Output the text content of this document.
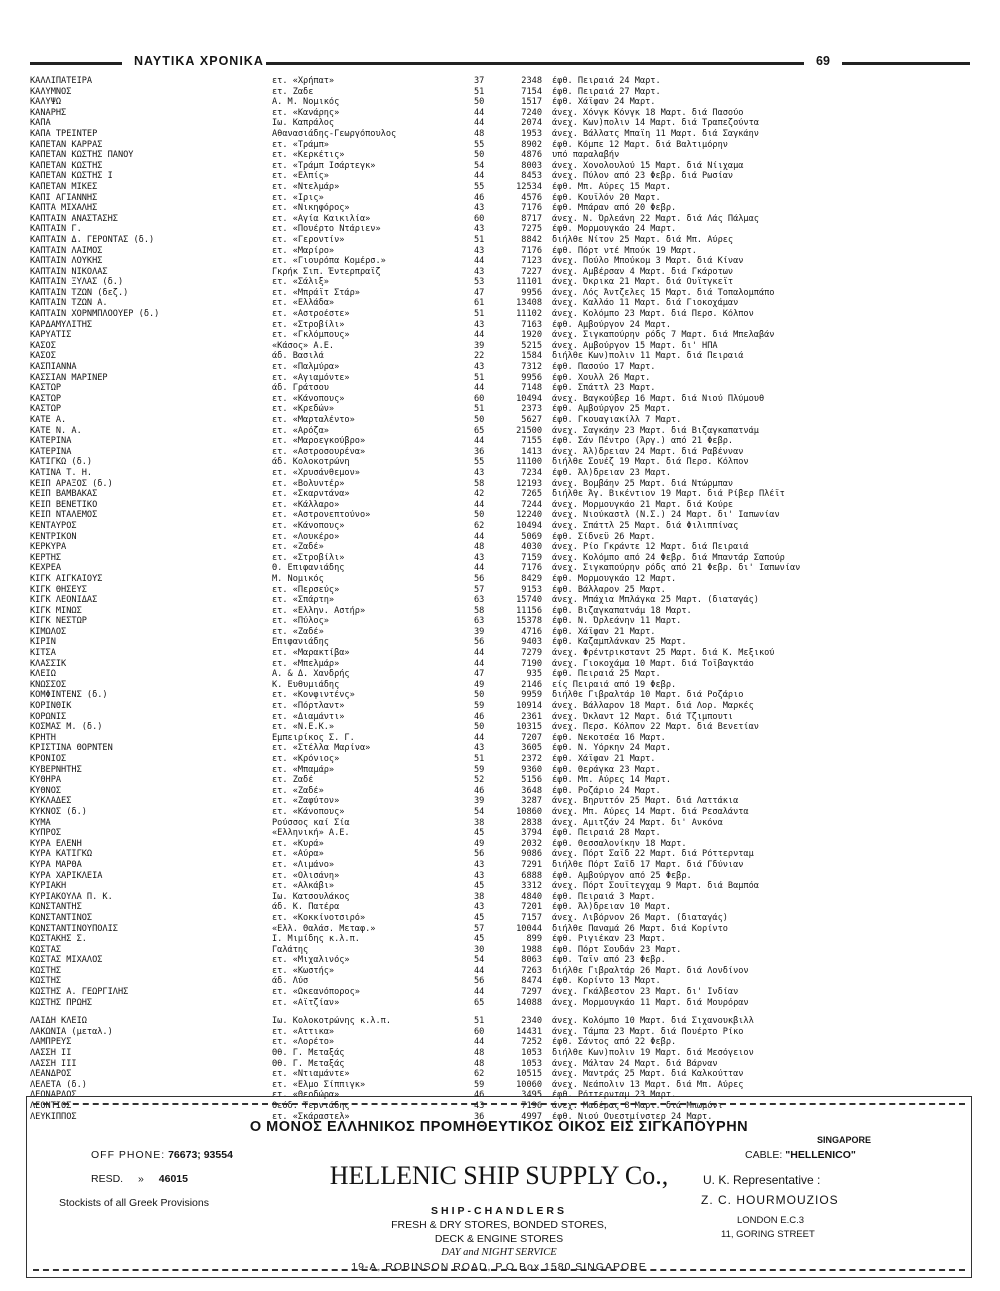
ΝΑΥΤΙΚΑ ΧΡΟΝΙΚΑ	69
ΚΑΛΛΙΠΑΤΕΙΡΑ	ετ. «Χρήπατ»	37	2348 έφθ. Πειραιά 24 Μαρτ.
ΚΑΛΥΜΝΟΣ	ετ. Ζαδε	51	7154 έφθ. Πειραιά 27 Μαρτ.
ΚΑΛΥΨΩ	Α. Μ. Νομικός	50	1517 έφθ. Χάϊφαν 24 Μαρτ.
ΚΑΝΑΡΗΣ	ετ. «Κανάρης»	44	7240 άνεχ. Χόνγκ Κόνγκ 18 Μαρτ. διά Πασούο
ΚΑΠΑ	Ιω. Καπράλος	44	2074 άνεχ. Κων)πολιν 14 Μαρτ. διά Τραπεζούντα
ΚΑΠΑ ΤΡΕΪΝΤΕΡ	Αθανασιάδης-Γεωργόπουλος	48	1953 άνεχ. Βάλλατς Μπαϊη 11 Μαρτ. διά Σαγκάην
ΚΑΠΕΤΑΝ ΚΑΡΡΑΣ	ετ. «Τράμπ»	55	8902 έφθ. Κόμπε 12 Μαρτ. διά Βαλτιμόρην
ΚΑΠΕΤΑΝ ΚΩΣΤΗΣ ΠΑΝΟΥ	ετ. «Κερκέτις»	50	4876 υπό παραλαβήν
ΚΑΠΕΤΑΝ ΚΩΣΤΗΣ	ετ. «Τράμπ Ισάρτεγκ»	54	8003 άνεχ. Χονολουλού 15 Μαρτ. διά Νίιχαμα
ΚΑΠΕΤΑΝ ΚΩΣΤΗΣ Ι	ετ. «Ελπίς»	44	8453 άνεχ. Πύλον από 23 Φεβρ. διά Ρωσίαν
ΚΑΠΕΤΑΝ ΜΙΚΕΣ	ετ. «Ντελμάρ»	55	12534 έφθ. Μπ. Αύρες 15 Μαρτ.
ΚΑΠΙ ΑΓΙΑΝΝΗΣ	ετ. «Ιρις»	46	4576 έφθ. Κουϊλόν 20 Μαρτ.
ΚΑΠΤΑ ΜΙΧΑΛΗΣ	ετ. «Νικηφόρος»	43	7176 έφθ. Μπάραν από 20 Φεβρ.
ΚΑΠΤΑΙΝ ΑΝΑΣΤΑΣΗΣ	ετ. «Αγία Καικιλία»	60	8717 άνεχ. Ν. Όρλεάνη 22 Μαρτ. διά Λάς Πάλμας
ΚΑΠΤΑΙΝ Γ.	ετ. «Πουέρτο Ντάριεν»	43	7275 έφθ. Μορμουγκάο 24 Μαρτ.
ΚΑΠΤΑΙΝ Δ. ΓΕΡΟΝΤΑΣ (δ.)	ετ. «Γεροντίν»	51	8842 διήλθε Νίτον 25 Μαρτ. διά Μπ. Αύρες
ΚΑΠΤΑΙΝ ΛΑΙΜΟΣ	ετ. «Μαρίρο»	43	7176 έφθ. Πόρτ ντέ Μπούκ 19 Μαρτ.
ΚΑΠΤΑΙΝ ΛΟΥΚΗΣ	ετ. «Γιουρόπα Κομέρσ.»	44	7123 άνεχ. Πούλο Μπούκομ 3 Μαρτ. διά Κίναν
ΚΑΠΤΑΙΝ ΝΙΚΟΛΑΣ	Γκρήκ Σιπ. Έντερπραϊζ	43	7227 άνεχ. Αμβέρσαν 4 Μαρτ. διά Γκάροτων
ΚΑΠΤΑΙΝ ΞΥΛΑΣ (δ.)	ετ. «Σάλιξ»	53	11101 άνεχ. Όκρικα 21 Μαρτ. διά Ουϊτγκεϊτ
ΚΑΠΤΑΙΝ ΤΖΩΝ (δεζ.)	ετ. «Μπράϊτ Στάρ»	47	9956 άνεχ. Λός Άντζελες 15 Μαρτ. διά Τοπαλομπάπο
ΚΑΠΤΑΙΝ ΤΖΩΝ Α.	ετ. «Ελλάδα»	61	13408 άνεχ. Καλλάο 11 Μαρτ. διά Γιοκοχάμαν
ΚΑΠΤΑΙΝ ΧΟΡΝΜΠΛΟΟΥΕΡ (δ.)	ετ. «Αστροέστε»	51	11102 άνεχ. Κολόμπο 23 Μαρτ. διά Περσ. Κόλπον
ΚΑΡΔΑΜΥΛΙΤΗΣ	ετ. «Στροβίλι»	43	7163 έφθ. Αμβούργον 24 Μαρτ.
ΚΑΡΥΑΤΙΣ	ετ. «Γκλόμπους»	44	1920 άνεχ. Σιγκαπούρην ρόδς 7 Μαρτ. διά Μπελαβάν
ΚΑΣΟΣ	«Κάσος» Α.Ε.	39	5215 άνεχ. Αμβούργον 15 Μαρτ. δι' ΗΠΑ
ΚΑΣΟΣ	άδ. Βασιλά	22	1584 διήλθε Κων)πολιν 11 Μαρτ. διά Πειραιά
ΚΑΣΠΙΑΝΝΑ	ετ. «Παλμύρα»	43	7312 έφθ. Πασούο 17 Μαρτ.
ΚΑΣΣΙΑΝ ΜΑΡΙΝΕΡ	ετ. «Αγιαμόντε»	51	9956 έφθ. Χουλλ 26 Μαρτ.
ΚΑΣΤΩΡ	άδ. Γράτσου	44	7148 έφθ. Σπάττλ 23 Μαρτ.
ΚΑΣΤΩΡ	ετ. «Κάνοπους»	60	10494 άνεχ. Βαγκούβερ 16 Μαρτ. διά Νιού Πλύμουθ
ΚΑΣΤΩΡ	ετ. «Κρεδών»	51	2373 έφθ. Αμβούργον 25 Μαρτ.
ΚΑΤΕ Α.	ετ. «Μαρταλέντο»	50	5627 έφθ. Γκουαγιακίλλ 7 Μαρτ.
ΚΑΤΕ Ν. Α.	ετ. «Αρόζα»	65	21500 άνεχ. Σαγκάην 23 Μαρτ. διά Βιζαγκαπατνάμ
ΚΑΤΕΡΙΝΑ	ετ. «Μαροεγκούβρο»	44	7155 έφθ. Σάν Πέντρο (Άργ.) από 21 Φεβρ.
ΚΑΤΕΡΙΝΑ	ετ. «Αστροσουρένα»	36	1413 άνεχ. Άλ)δρειαν 24 Μαρτ. διά Ραβένναν
ΚΑΤΙΓΚΩ (δ.)	άδ. Κολοκοτρώνη	55	11100 διήλθε Σουέζ 19 Μαρτ. διά Περσ. Κόλπον
ΚΑΤΙΝΑ Τ. Η.	ετ. «Χρυσάνθεμον»	43	7234 έφθ. Άλ)δρειαν 23 Μαρτ.
ΚΕΪΠ ΑΡΑΞΟΣ (δ.)	ετ. «Βολυντέρ»	58	12193 άνεχ. Βομβάην 25 Μαρτ. διά Ντώρμπαν
ΚΕΪΠ ΒΑΜΒΑΚΑΣ	ετ. «Σκαρντάνα»	42	7265 διήλθε Άγ. Βικέντιον 19 Μαρτ. διά Ρίβερ Πλέϊτ
ΚΕΪΠ ΒΕΝΕΤΙΚΟ	ετ. «Κάλλαρο»	44	7244 άνεχ. Μορμουγκάο 21 Μαρτ. διά Κούρε
ΚΕΪΠ ΝΤΑΛΕΜΟΣ	ετ. «Αστρονεπτούνο»	50	12240 άνεχ. Νιούκαστλ (Ν.Σ.) 24 Μαρτ. δι' Ιαπωνίαν
ΚΕΝΤΑΥΡΟΣ	ετ. «Κάνοπους»	62	10494 άνεχ. Σπάττλ 25 Μαρτ. διά Φιλιππίνας
ΚΕΝΤΡΙΚΟΝ	ετ. «Λουκέρο»	44	5069 έφθ. Σίδνεϋ 26 Μαρτ.
ΚΕΡΚΥΡΑ	ετ. «Ζαδέ»	48	4030 άνεχ. Ρίο Γκράντε 12 Μαρτ. διά Πειραιά
ΚΕΡΤΗΣ	ετ. «Στροβίλι»	43	7159 άνεχ. Κολόμπο από 24 Φεβρ. διά Μπαντάρ Σαπούρ
ΚΕΧΡΕΑ	Θ. Επιφανιάδης	44	7176 άνεχ. Σιγκαπούρην ρόδς από 21 Φεβρ. δι' Ιαπωνίαν
ΚΙΓΚ ΑΙΓΚΑΙΟΥΣ	Μ. Νομικός	56	8429 έφθ. Μορμουγκάο 12 Μαρτ.
ΚΙΓΚ ΘΗΣΕΥΣ	ετ. «Περσεύς»	57	9153 έφθ. Βάλλαρον 25 Μαρτ.
ΚΙΓΚ ΛΕΟΝΙΔΑΣ	ετ. «Σπάρτη»	63	15740 άνεχ. Μπάχια Μπλάγκα 25 Μαρτ. (διαταγάς)
ΚΙΓΚ ΜΙΝΩΣ	ετ. «Ελλην. Αστήρ»	58	11156 έφθ. Βιζαγκαπατνάμ 18 Μαρτ.
ΚΙΓΚ ΝΕΣΤΩΡ	ετ. «Πύλος»	63	15378 έφθ. Ν. Όρλεάνην 11 Μαρτ.
ΚΙΜΩΛΟΣ	ετ. «Ζαδέ»	39	4716 έφθ. Χάϊφαν 21 Μαρτ.
ΚΙΡΙΝ	Επιφανιάδης	56	9403 έφθ. Καζαμπλάνκαν 25 Μαρτ.
ΚΙΤΣΑ	ετ. «Μαρακτίβα»	44	7279 άνεχ. Φρέντρικσταντ 25 Μαρτ. διά Κ. Μεξικού
ΚΛΑΣΣΙΚ	ετ. «Μπελμάρ»	44	7190 άνεχ. Γιοκοχάμα 10 Μαρτ. διά Τοϊβαγκτάο
ΚΛΕΙΩ	Α. & Δ. Χανδρής	47	935 έφθ. Πειραιά 25 Μαρτ.
ΚΝΩΣΣΟΣ	Κ. Ευθυμιάδης	49	2146 είς Πειραιά από 19 Φεβρ.
ΚΟΜΦΙΝΤΕΝΣ (δ.)	ετ. «Κονφιντένς»	50	9959 διήλθε Γιβραλτάρ 10 Μαρτ. διά Ροζάριο
ΚΟΡΙΝΘΙΚ	ετ. «Πόρτλαντ»	59	10914 άνεχ. Βάλλαρον 18 Μαρτ. διά Λορ. Μαρκές
ΚΟΡΩΝΙΣ	ετ. «Διαμάντι»	46	2361 άνεχ. Όκλαντ 12 Μαρτ. διά Τζιμπουτι
ΚΟΣΜΑΣ Μ. (δ.)	ετ. «Ν.Ε.Κ.»	50	10315 άνεχ. Περσ. Κόλπον 22 Μαρτ. διά Βενετίαν
ΚΡΗΤΗ	Εμπειρίκος Σ. Γ.	44	7207 έφθ. Νεκοτσέα 16 Μαρτ.
ΚΡΙΣΤΙΝΑ ΘΟΡΝΤΕΝ	ετ. «Στέλλα Μαρίνα»	43	3605 έφθ. Ν. Υόρκην 24 Μαρτ.
ΚΡΟΝΙΟΣ	ετ. «Κρόνιος»	51	2372 έφθ. Χάϊφαν 21 Μαρτ.
ΚΥΒΕΡΝΗΤΗΣ	ετ. «Μπαμάρ»	59	9360 έφθ. Θεράγκα 23 Μαρτ.
ΚΥΘΗΡΑ	ετ. Ζαδέ	52	5156 έφθ. Μπ. Αύρες 14 Μαρτ.
ΚΥΘΝΟΣ	ετ. «Ζαδέ»	46	3648 έφθ. Ροζάριο 24 Μαρτ.
ΚΥΚΛΑΔΕΣ	ετ. «Ζαφύτον»	39	3287 άνεχ. Βηρυττόν 25 Μαρτ. διά Λαττάκια
ΚΥΚΝΟΣ (δ.)	ετ. «Κάνοπους»	54	10860 άνεχ. Μπ. Αύρες 14 Μαρτ. διά Ρεσαλάντα
ΚΥΜΑ	Ρούσσος καί Σία	38	2838 άνεχ. Αμιτζάν 24 Μαρτ. δι' Ανκόνα
ΚΥΠΡΟΣ	«Ελληνική» Α.Ε.	45	3794 έφθ. Πειραιά 28 Μαρτ.
ΚΥΡΑ ΕΛΕΝΗ	ετ. «Κυρά»	49	2032 έφθ. Θεσσαλονίκην 18 Μαρτ.
ΚΥΡΑ ΚΑΤΙΓΚΩ	ετ. «Αύρα»	56	9086 άνεχ. Πόρτ Σαϊδ 22 Μαρτ. διά Ρόττερνταμ
ΚΥΡΑ ΜΑΡΘΑ	ετ. «Λιμάνο»	43	7291 διήλθε Πόρτ Σαϊδ 17 Μαρτ. διά Γδύνιαν
ΚΥΡΑ ΧΑΡΙΚΛΕΙΑ	ετ. «Ολισάνη»	43	6888 έφθ. Αμβούργον από 25 Φεβρ.
ΚΥΡΙΑΚΗ	ετ. «Αλκάβι»	45	3312 άνεχ. Πόρτ Σουϊτεγχαμ 9 Μαρτ. διά Βαμπόα
ΚΥΡΙΑΚΟΥΛΑ Π. Κ.	Ιω. Κατσουλάκος	38	4840 έφθ. Πειραιά 3 Μαρτ.
ΚΩΝΣΤΑΝΤΗΣ	άδ. Κ. Πατέρα	43	7201 έφθ. Άλ)δρειαν 10 Μαρτ.
ΚΩΝΣΤΑΝΤΙΝΟΣ	ετ. «Κοκκίνοτσιρό»	45	7157 άνεχ. Λιβόρνον 26 Μαρτ. (διαταγάς)
ΚΩΝΣΤΑΝΤΙΝΟΥΠΟΛΙΣ	«Ελλ. Θαλάσ. Μεταφ.»	57	10044 διήλθε Παναμά 26 Μαρτ. διά Κορίντο
ΚΩΣΤΑΚΗΣ Σ.	Ι. Μιμίδης κ.λ.π.	45	899 έφθ. Ριγιέκαν 23 Μαρτ.
ΚΩΣΤΑΣ	Γαλάτης	30	1988 έφθ. Πόρτ Σουδάν 23 Μαρτ.
ΚΩΣΤΑΣ ΜΙΧΑΛΟΣ	ετ. «Μιχαλινός»	54	8063 έφθ. Ταϊν από 23 Φεβρ.
ΚΩΣΤΗΣ	ετ. «Κωστής»	44	7263 διήλθε Γιβραλτάρ 26 Μαρτ. διά Λονδίνον
ΚΩΣΤΗΣ	άδ. Λύσ	56	8474 έφθ. Κορίντο 13 Μαρτ.
ΚΩΣΤΗΣ Α. ΓΕΩΡΓΙΛΗΣ	ετ. «Ωκεανόπορος»	44	7297 άνεχ. Γκάλβεστον 23 Μαρτ. δι' Ινδίαν
ΚΩΣΤΗΣ ΠΡΩΗΣ	ετ. «Αϊτζίαν»	65	14088 άνεχ. Μορμουγκάο 11 Μαρτ. διά Μουρόραν
ΛΑΙΔΗ ΚΛΕΙΩ	Ιω. Κολοκοτρώνης κ.λ.π.	51	2340 άνεχ. Κολόμπο 10 Μαρτ. διά Σιχανουκβιλλ
ΛΑΚΩΝΙΑ (μεταλ.)	ετ. «Αττικα»	60	14431 άνεχ. Τάμπα 23 Μαρτ. διά Πουέρτο Ρίκο
ΛΑΜΠΡΕΥΣ	ετ. «Λορέτο»	44	7252 έφθ. Σάντος από 22 Φεβρ.
ΛΑΣΣΗ ΙΙ	Θθ. Γ. Μεταξάς	48	1053 διήλθε Κων)πολιν 19 Μαρτ. διά Μεσόγειον
ΛΑΣΣΗ ΙΙΙ	Θθ. Γ. Μεταξάς	48	1053 άνεχ. Μάλταν 24 Μαρτ. διά Βάρναν
ΛΕΑΝΔΡΟΣ	ετ. «Ντιαμάντε»	62	10515 άνεχ. Μαντράς 25 Μαρτ. διά Καλκούτταν
ΛΕΛΕΤΑ (δ.)	ετ. «Ελμο Σίππιγκ»	59	10060 άνεχ. Νεάπολιν 13 Μαρτ. διά Μπ. Αύρες
ΛΕΟΝΑΡΔΟΣ	ετ. «Θεοδώρα»	46	3495 έφθ. Ρόττερνταμ 23 Μαρτ.
ΛΕΟΝΤΙΟΣ	Θεόδ. Τερνιάδης	43	7196 άνεχ. Μαδέρας 8 Μαρτ. διά Μπωμόντ
ΛΕΥΚΙΠΠΟΣ	ετ. «Σκάραστελ»	36	4997 έφθ. Νιού Ουεστμίνστερ 24 Μαρτ.
Ο ΜΟΝΟΣ ΕΛΛΗΝΙΚΟΣ ΠΡΟΜΗΘΕΥΤΙΚΟΣ ΟΙΚΟΣ ΕΙΣ ΣΙΓΚΑΠΟΥΡΗΝ
HELLENIC SHIP SUPPLY Co.,
OFF PHONE: 76673; 93554
RESD. » 46015
Stockists of all Greek Provisions
SHIP-CHANDLERS
FRESH & DRY STORES, BONDED STORES,
DECK & ENGINE STORES
DAY and NIGHT SERVICE
19-A, ROBINSON ROAD, P.O.Box 1580 SINGAPORE
SINGAPORE
CABLE: "HELLENICO"
U. K. Representative :
Z. C. HOURMOUZIOS
LONDON E.C.3
11, GORING STREET
